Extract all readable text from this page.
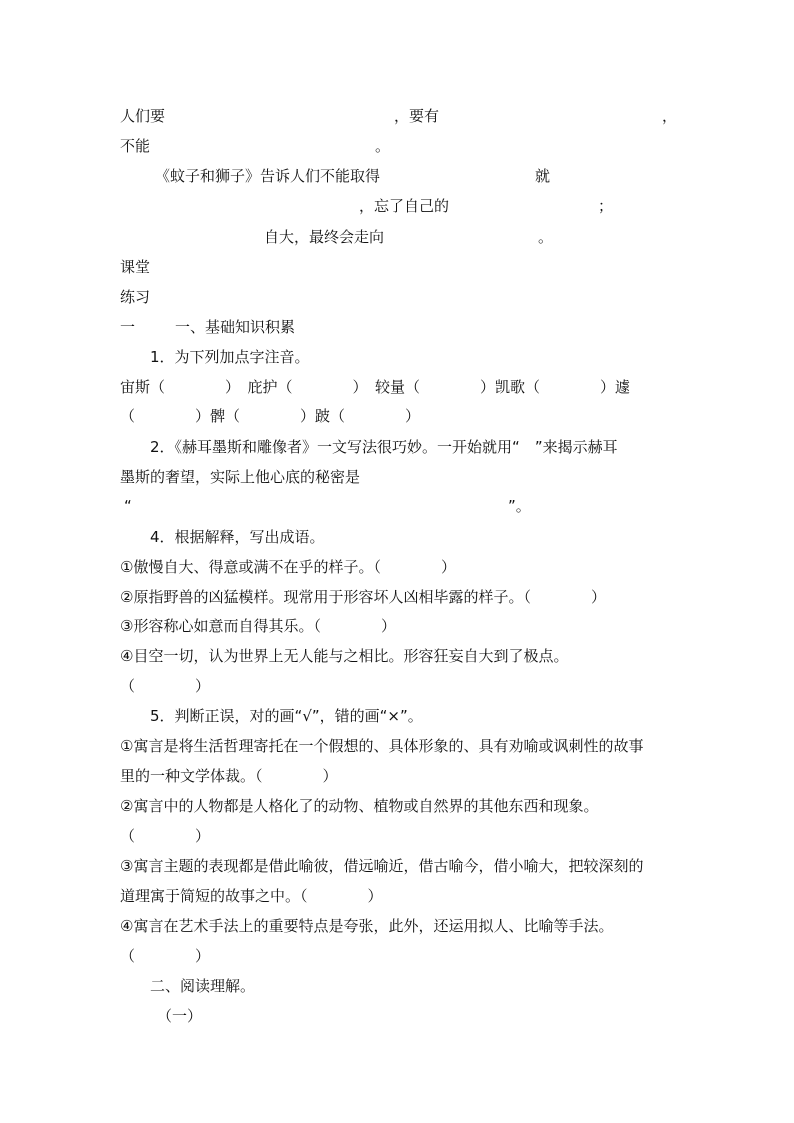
人们要	，要有	，
不能	。
《蚊子和狮子》告诉人们不能取得	就
，忘了自己的	；
自大，最终会走向	。
课堂
练习
一	一、基础知识积累
1．为下列加点字注音。
宙斯（　　　　）　庇护（　　　　）　较量（　　　　）凯歌（　　　　）遽
（　　　　）髀（　　　　）跛（　　　　）
2．《赫耳墨斯和雕像者》一文写法很巧妙。一开始就用“　”来揭示赫耳
墨斯的奢望，实际上他心底的秘密是
“	”。
4．根据解释，写出成语。
①傲慢自大、得意或满不在乎的样子。（　　　　）
②原指野兽的凶猛模样。现常用于形容坏人凶相毕露的样子。（　　　　）
③形容称心如意而自得其乐。（　　　　）
④目空一切，认为世界上无人能与之相比。形容狂妄自大到了极点。
（　　　　）
5．判断正误，对的画“√”，错的画“×”。
①寓言是将生活哲理寄托在一个假想的、具体形象的、具有劝喻或讽刺性的故事
里的一种文学体裁。（　　　　）
②寓言中的人物都是人格化了的动物、植物或自然界的其他东西和现象。
（　　　　）
③寓言主题的表现都是借此喻彼，借远喻近，借古喻今，借小喻大，把较深刻的
道理寓于简短的故事之中。（　　　　）
④寓言在艺术手法上的重要特点是夸张，此外，还运用拟人、比喻等手法。
（　　　　）
二、阅读理解。
（一）
